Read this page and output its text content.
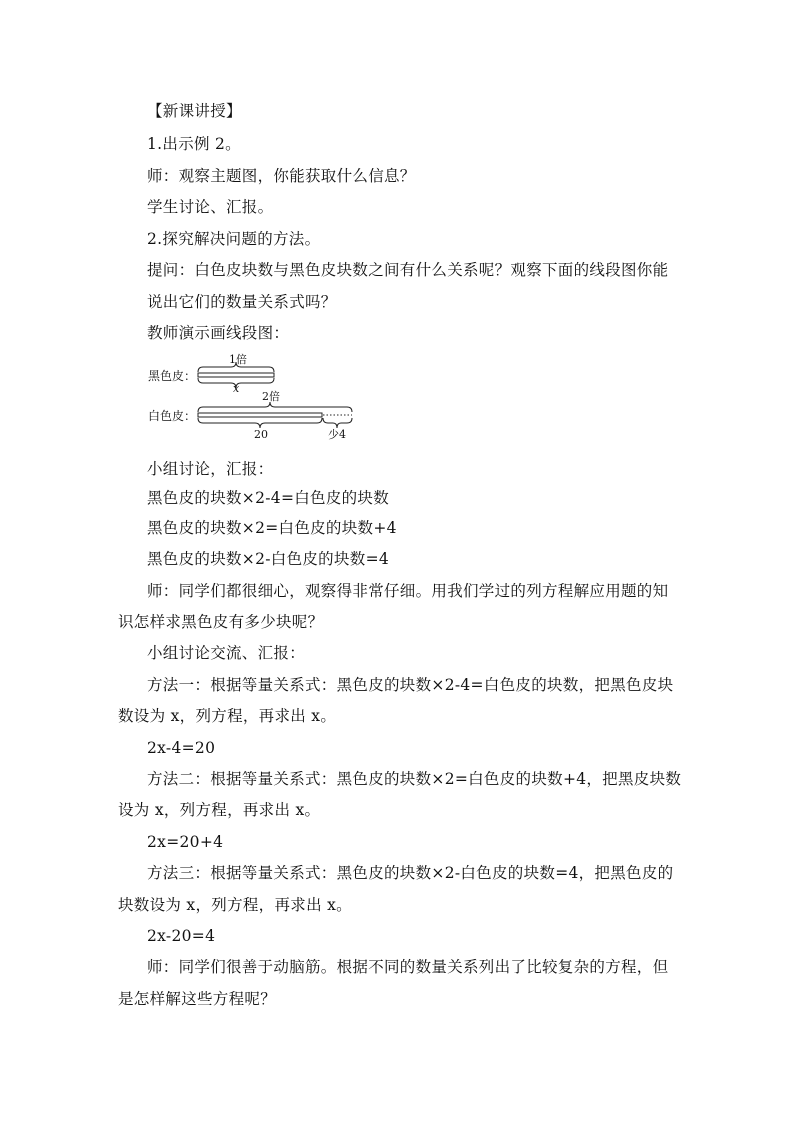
【新课讲授】
1.出示例 2。
师：观察主题图，你能获取什么信息？
学生讨论、汇报。
2.探究解决问题的方法。
提问：白色皮块数与黑色皮块数之间有什么关系呢？观察下面的线段图你能
说出它们的数量关系式吗？
教师演示画线段图：
黑色皮：
1倍
x
白色皮：
2倍
20	少4
小组讨论，汇报：
黑色皮的块数×2-4=白色皮的块数
黑色皮的块数×2=白色皮的块数+4
黑色皮的块数×2-白色皮的块数=4
师：同学们都很细心，观察得非常仔细。用我们学过的列方程解应用题的知
识怎样求黑色皮有多少块呢？
小组讨论交流、汇报：
方法一：根据等量关系式：黑色皮的块数×2-4=白色皮的块数，把黑色皮块
数设为 x，列方程，再求出 x。
2x-4=20
方法二：根据等量关系式：黑色皮的块数×2=白色皮的块数+4，把黑皮块数
设为 x，列方程，再求出 x。
2x=20+4
方法三：根据等量关系式：黑色皮的块数×2-白色皮的块数=4，把黑色皮的
块数设为 x，列方程，再求出 x。
2x-20=4
师：同学们很善于动脑筋。根据不同的数量关系列出了比较复杂的方程，但
是怎样解这些方程呢？
